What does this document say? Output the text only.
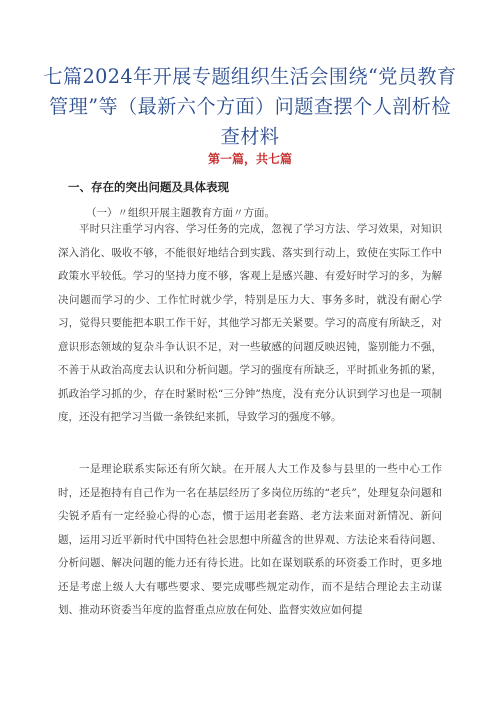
七篇2024年开展专题组织生活会围绕“党员教育管理”等（最新六个方面）问题查摆个人剖析检查材料
第一篇，共七篇
一、存在的突出问题及具体表现
（一）〃组织开展主题教育方面〃方面。

平时只注重学习内容、学习任务的完成，忽视了学习方法、学习效果，对知识深入消化、吸收不够，不能很好地结合到实践、落实到行动上，致使在实际工作中政策水平较低。学习的坚持力度不够，客观上是感兴趣、有爱好时学习的多，为解决问题而学习的少、工作忙时就少学，特别是压力大、事务多时，就没有耐心学习，觉得只要能把本职工作干好，其他学习都无关紧要。学习的高度有所缺乏，对意识形态领域的复杂斗争认识不足，对一些敏感的问题反映迟钝，鉴别能力不强，不善于从政治高度去认识和分析问题。学习的强度有所缺乏，平时抓业务抓的紧，抓政治学习抓的少，存在时紧时松“三分钟”热度，没有充分认识到学习也是一项制度，还没有把学习当做一条铁纪来抓，导致学习的强度不够。

一是理论联系实际还有所欠缺。在开展人大工作及参与县里的一些中心工作时，还是抱持有自己作为一名在基层经历了多岗位历练的“老兵”，处理复杂问题和尖锐矛盾有一定经验心得的心态，惯于运用老套路、老方法来面对新情况、新问题，运用习近平新时代中国特色社会思想中所蕴含的世界观、方法论来看待问题、分析问题、解决问题的能力还有待长进。比如在谋划联系的环资委工作时，更多地还是考虑上级人大有哪些要求、要完成哪些规定动作，而不是结合理论去主动谋划、推动环资委当年度的监督重点应放在何处、监督实效应如何提
